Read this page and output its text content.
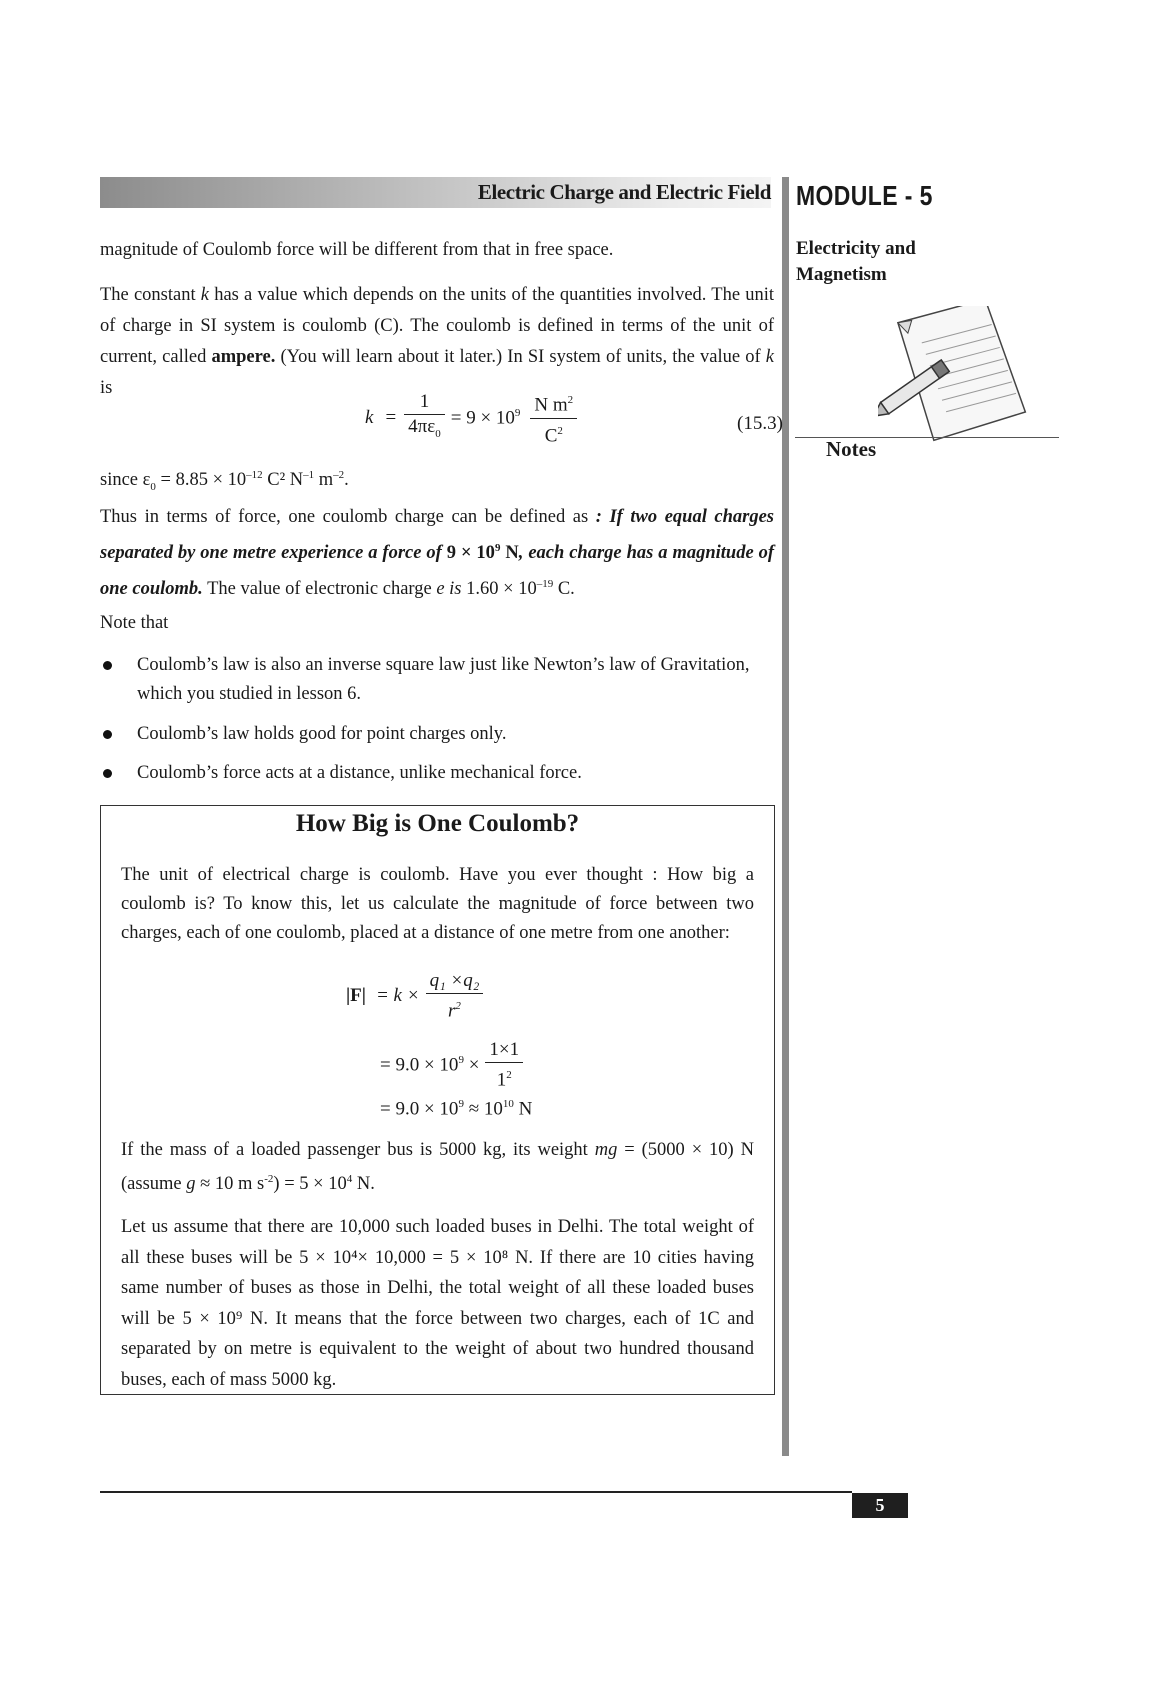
Electric Charge and Electric Field MODULE - 5
Electricity and
Magnetism
Notes
magnitude of Coulomb force will be different from that in free space.
The constant k has a value which depends on the units of the quantities involved. The unit of charge in SI system is coulomb (C). The coulomb is defined in terms of the unit of current, called ampere. (You will learn about it later.) In SI system of units, the value of k is
$k = \frac{1}{4\pi\varepsilon_0} = 9 \times 10^9 \frac{N m^2}{C^2}$	(15.3)
since $\varepsilon_0 = 8.85 \times 10^{-12}$ C² $N^{-1}$ $m^{-2}$.
Thus in terms of force, one coulomb charge can be defined as : If two equal charges separated by one metre experience a force of $9 \times 10^9$ N, each charge has a magnitude of one coulomb. The value of electronic charge e is $1.60 \times 10^{-19}$ C.
Note that
Coulomb’s law is also an inverse square law just like Newton’s law of Gravitation, which you studied in lesson 6.
Coulomb’s law holds good for point charges only.
Coulomb’s force acts at a distance, unlike mechanical force.
How Big is One Coulomb?
The unit of electrical charge is coulomb. Have you ever thought : How big a coulomb is? To know this, let us calculate the magnitude of force between two charges, each of one coulomb, placed at a distance of one metre from one another:
$|F| = k \times \frac{\text{q₁ ×q₂}}{r^2}$
= $9.0 \times 10^9 \times \frac{1\times 1}{1^2}$
= $9.0 \times 10^9 \approx 10^{10}$ N
If the mass of a loaded passenger bus is 5000 kg, its weight mg = (5000 × 10) N (assume g ≈ 10 m $s^{-2}) = 5 \times 10^4$ N.
Let us assume that there are 10,000 such loaded buses in Delhi. The total weight of all these buses will be 5 × 10⁴× 10,000 = 5 × 10⁸ N. If there are 10 cities having same number of buses as those in Delhi, the total weight of all these loaded buses will be 5 × 10⁹ N. It means that the force between two charges, each of 1C and separated by on metre is equivalent to the weight of about two hundred thousand buses, each of mass 5000 kg.
5
